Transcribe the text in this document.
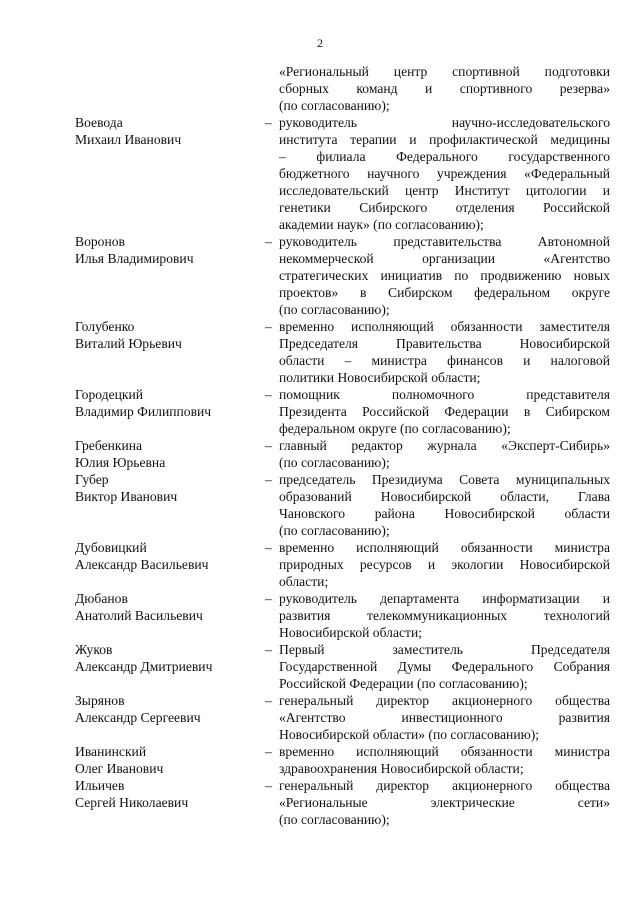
2
«Региональный центр спортивной подготовки
сборных команд и спортивного резерва»
(по согласованию);
Воевода
Михаил Иванович
– руководитель научно-исследовательского
института терапии и профилактической медицины
– филиала Федерального государственного
бюджетного научного учреждения «Федеральный
исследовательский центр Институт цитологии и
генетики Сибирского отделения Российской
академии наук» (по согласованию);
Воронов
Илья Владимирович
– руководитель представительства Автономной
некоммерческой организации «Агентство
стратегических инициатив по продвижению новых
проектов» в Сибирском федеральном округе
(по согласованию);
Голубенко
Виталий Юрьевич
– временно исполняющий обязанности заместителя
Председателя Правительства Новосибирской
области – министра финансов и налоговой
политики Новосибирской области;
Городецкий
Владимир Филиппович
– помощник полномочного представителя
Президента Российской Федерации в Сибирском
федеральном округе (по согласованию);
Гребенкина
Юлия Юрьевна
– главный редактор журнала «Эксперт-Сибирь»
(по согласованию);
Губер
Виктор Иванович
– председатель Президиума Совета муниципальных
образований Новосибирской области, Глава
Чановского района Новосибирской области
(по согласованию);
Дубовицкий
Александр Васильевич
– временно исполняющий обязанности министра
природных ресурсов и экологии Новосибирской
области;
Дюбанов
Анатолий Васильевич
– руководитель департамента информатизации и
развития телекоммуникационных технологий
Новосибирской области;
Жуков
Александр Дмитриевич
– Первый заместитель Председателя
Государственной Думы Федерального Собрания
Российской Федерации (по согласованию);
Зырянов
Александр Сергеевич
– генеральный директор акционерного общества
«Агентство инвестиционного развития
Новосибирской области» (по согласованию);
Иванинский
Олег Иванович
– временно исполняющий обязанности министра
здравоохранения Новосибирской области;
Ильичев
Сергей Николаевич
– генеральный директор акционерного общества
«Региональные электрические сети»
(по согласованию);
